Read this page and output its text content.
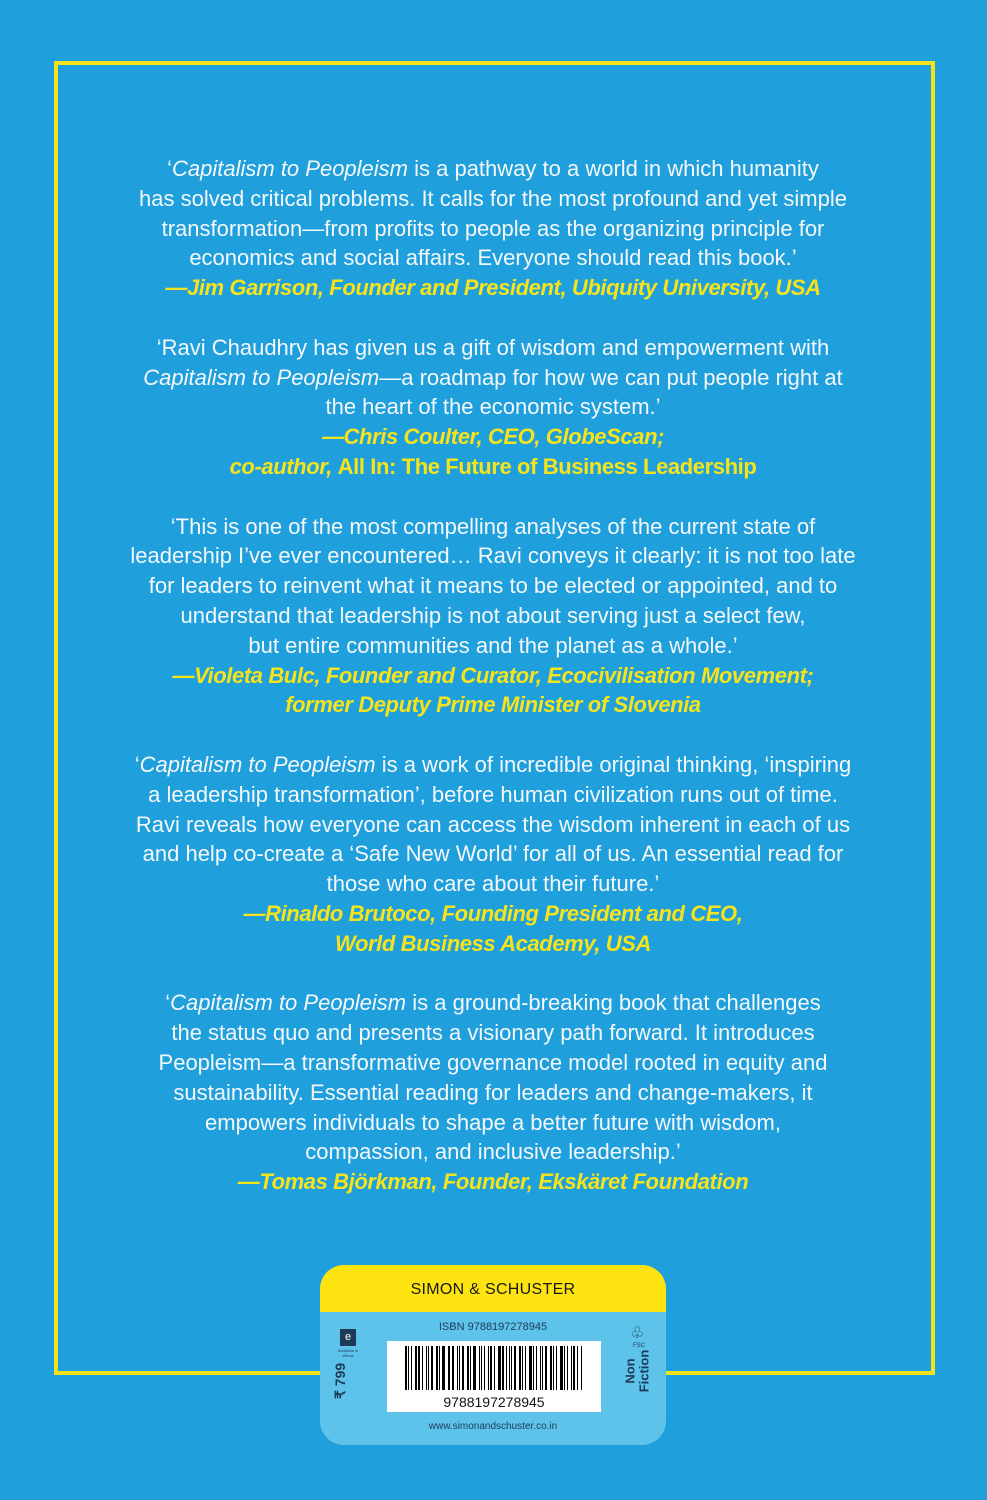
‘Capitalism to Peopleism is a pathway to a world in which humanity
has solved critical problems. It calls for the most profound and yet simple
transformation—from profits to people as the organizing principle for
economics and social affairs. Everyone should read this book.’
—Jim Garrison, Founder and President, Ubiquity University, USA
‘Ravi Chaudhry has given us a gift of wisdom and empowerment with
Capitalism to Peopleism—a roadmap for how we can put people right at
the heart of the economic system.’
—Chris Coulter, CEO, GlobeScan;
co-author, All In: The Future of Business Leadership
‘This is one of the most compelling analyses of the current state of
leadership I’ve ever encountered… Ravi conveys it clearly: it is not too late
for leaders to reinvent what it means to be elected or appointed, and to
understand that leadership is not about serving just a select few,
but entire communities and the planet as a whole.’
—Violeta Bulc, Founder and Curator, Ecocivilisation Movement;
former Deputy Prime Minister of Slovenia
‘Capitalism to Peopleism is a work of incredible original thinking, ‘inspiring
a leadership transformation’, before human civilization runs out of time.
Ravi reveals how everyone can access the wisdom inherent in each of us
and help co-create a ‘Safe New World’ for all of us. An essential read for
those who care about their future.’
—Rinaldo Brutoco, Founding President and CEO,
World Business Academy, USA
‘Capitalism to Peopleism is a ground-breaking book that challenges
the status quo and presents a visionary path forward. It introduces
Peopleism—a transformative governance model rooted in equity and
sustainability. Essential reading for leaders and change-makers, it
empowers individuals to shape a better future with wisdom,
compassion, and inclusive leadership.’
—Tomas Björkman, Founder, Ekskäret Foundation
SIMON & SCHUSTER
e
Available in eBook
₹ 799
ISBN 9788197278945
9788197278945
♧
FSC
Non Fiction
www.simonandschuster.co.in
